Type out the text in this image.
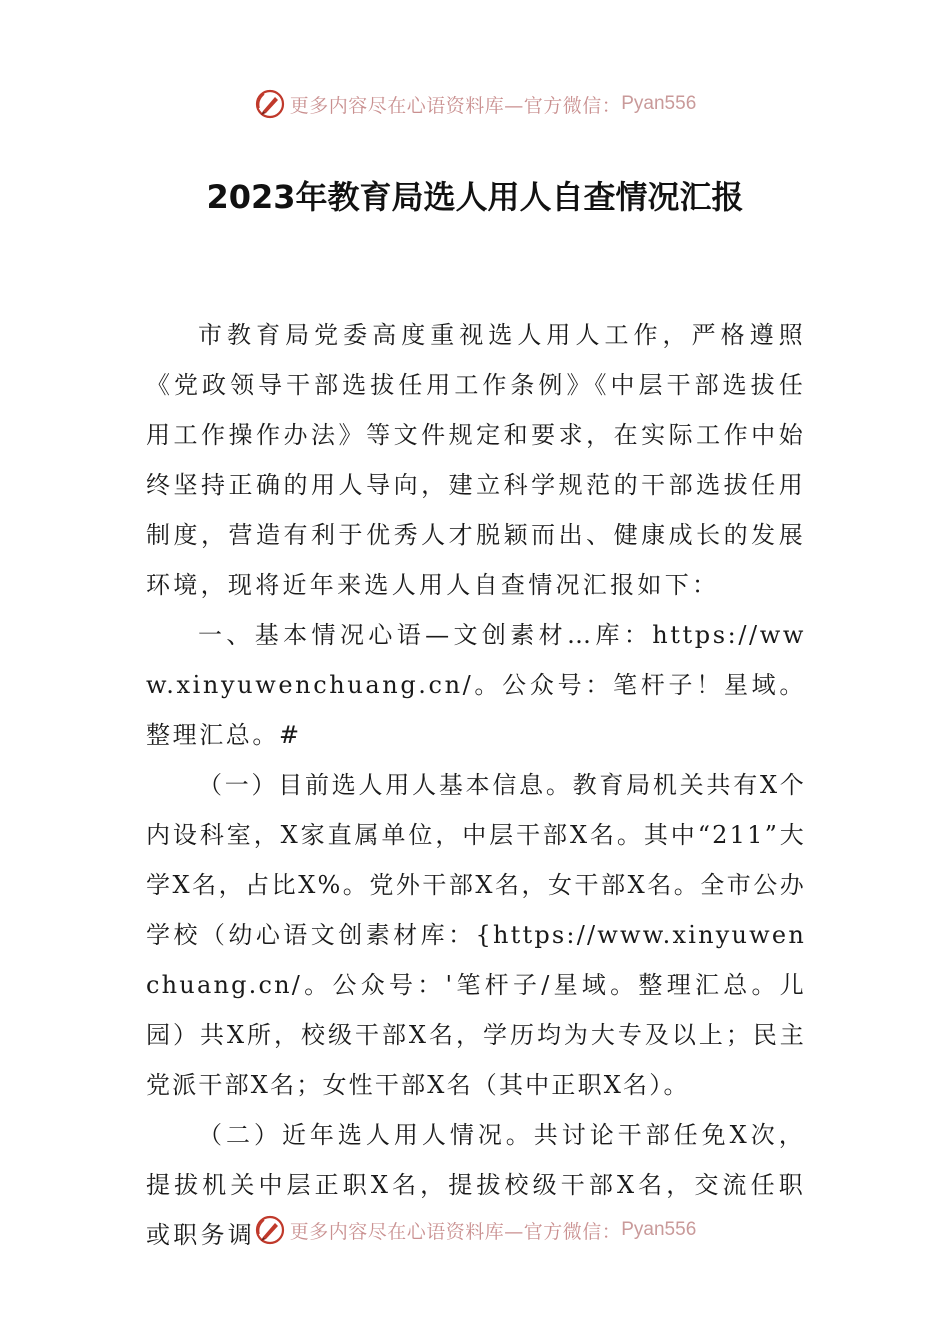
更多内容尽在心语资料库—官方微信： Pyan556
2023年教育局选人用人自查情况汇报

市教育局党委高度重视选人用人工作，严格遵照《党政领导干部选拔任用工作条例》《中层干部选拔任用工作操作办法》等文件规定和要求，在实际工作中始终坚持正确的用人导向，建立科学规范的干部选拔任用制度，营造有利于优秀人才脱颖而出、健康成长的发展环境，现将近年来选人用人自查情况汇报如下：

一、基本情况心语—文创素材…库：https://www.xinyuwenchuang.cn/。公众号：笔杆子！星域。整理汇总。#

（一）目前选人用人基本信息。教育局机关共有X个内设科室，X家直属单位，中层干部X名。其中“211”大学X名，占比X%。党外干部X名，女干部X名。全市公办学校（幼心语文创素材库：{https://www.xinyuwenchuang.cn/。公众号：'笔杆子/星域。整理汇总。儿园）共X所，校级干部X名，学历均为大专及以上；民主党派干部X名；女性干部X名（其中正职X名）。

（二）近年选人用人情况。共讨论干部任免X次，提拔机关中层正职X名，提拔校级干部X名，交流任职或职务调	更多内容尽在心语资料库—官方微信： Pyan556
